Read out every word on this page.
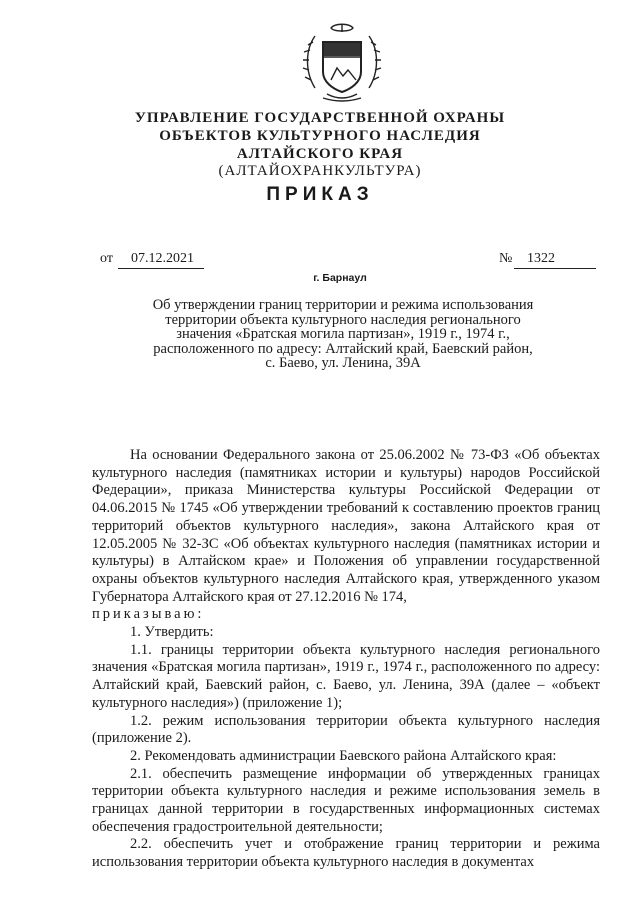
УПРАВЛЕНИЕ ГОСУДАРСТВЕННОЙ ОХРАНЫ
ОБЪЕКТОВ КУЛЬТУРНОГО НАСЛЕДИЯ
АЛТАЙСКОГО КРАЯ
(АЛТАЙОХРАНКУЛЬТУРА)
ПРИКАЗ
от 07.12.2021	№ 1322
г. Барнаул
Об утверждении границ территории и режима использования
территории объекта культурного наследия регионального
значения «Братская могила партизан», 1919 г., 1974 г.,
расположенного по адресу: Алтайский край, Баевский район,
с. Баево, ул. Ленина, 39А

На основании Федерального закона от 25.06.2002 № 73-ФЗ «Об объектах культурного наследия (памятниках истории и культуры) народов Российской Федерации», приказа Министерства культуры Российской Федерации от 04.06.2015 № 1745 «Об утверждении требований к составлению проектов границ территорий объектов культурного наследия», закона Алтайского края от 12.05.2005 № 32-ЗС «Об объектах культурного наследия (памятниках истории и культуры) в Алтайском крае» и Положения об управлении государственной охраны объектов культурного наследия Алтайского края, утвержденного указом Губернатора Алтайского края от 27.12.2016 № 174,

приказываю:

1. Утвердить:

1.1. границы территории объекта культурного наследия регионального значения «Братская могила партизан», 1919 г., 1974 г., расположенного по адресу: Алтайский край, Баевский район, с. Баево, ул. Ленина, 39А (далее – «объект культурного наследия») (приложение 1);

1.2. режим использования территории объекта культурного наследия (приложение 2).

2. Рекомендовать администрации Баевского района Алтайского края:

2.1. обеспечить размещение информации об утвержденных границах территории объекта культурного наследия и режиме использования земель в границах данной территории в государственных информационных системах обеспечения градостроительной деятельности;

2.2. обеспечить учет и отображение границ территории и режима использования территории объекта культурного наследия в документах
